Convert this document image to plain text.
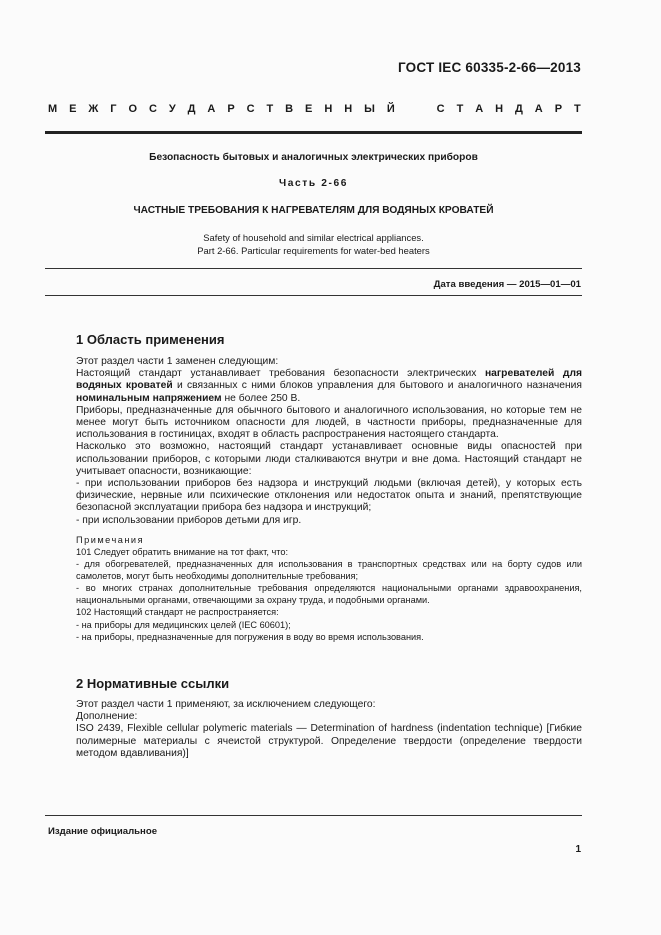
ГОСТ IEC 60335-2-66—2013
М Е Ж Г О С У Д А Р С Т В Е Н Н Ы Й

	С Т А Н Д А Р Т
Безопасность бытовых и аналогичных электрических приборов
Часть 2-66
ЧАСТНЫЕ ТРЕБОВАНИЯ К НАГРЕВАТЕЛЯМ ДЛЯ ВОДЯНЫХ КРОВАТЕЙ
Safety of household and similar electrical appliances.
Part 2-66. Particular requirements for water-bed heaters
Дата введения — 2015—01—01
1 Область применения

Этот раздел части 1 заменен следующим:

Настоящий стандарт устанавливает требования безопасности электрических нагревателей для водяных кроватей и связанных с ними блоков управления для бытового и аналогичного назначения номинальным напряжением не более 250 В.

Приборы, предназначенные для обычного бытового и аналогичного использования, но которые тем не менее могут быть источником опасности для людей, в частности приборы, предназначенные для использования в гостиницах, входят в область распространения настоящего стандарта.

Насколько это возможно, настоящий стандарт устанавливает основные виды опасностей при использовании приборов, с которыми люди сталкиваются внутри и вне дома. Настоящий стандарт не учитывает опасности, возникающие:

- при использовании приборов без надзора и инструкций людьми (включая детей), у которых есть физические, нервные или психические отклонения или недостаток опыта и знаний, препятствующие безопасной эксплуатации прибора без надзора и инструкций;

- при использовании приборов детьми для игр.

Примечания

101 Следует обратить внимание на тот факт, что:

- для обогревателей, предназначенных для использования в транспортных средствах или на борту судов или самолетов, могут быть необходимы дополнительные требования;

- во многих странах дополнительные требования определяются национальными органами здравоохранения, национальными органами, отвечающими за охрану труда, и подобными органами.

102 Настоящий стандарт не распространяется:

- на приборы для медицинских целей (IEC 60601);

- на приборы, предназначенные для погружения в воду во время использования.

2 Нормативные ссылки

Этот раздел части 1 применяют, за исключением следующего:

Дополнение:

ISO 2439, Flexible cellular polymeric materials — Determination of hardness (indentation technique) [Гибкие полимерные материалы с ячеистой структурой. Определение твердости (определение твердости методом вдавливания)]

Издание официальное
1
